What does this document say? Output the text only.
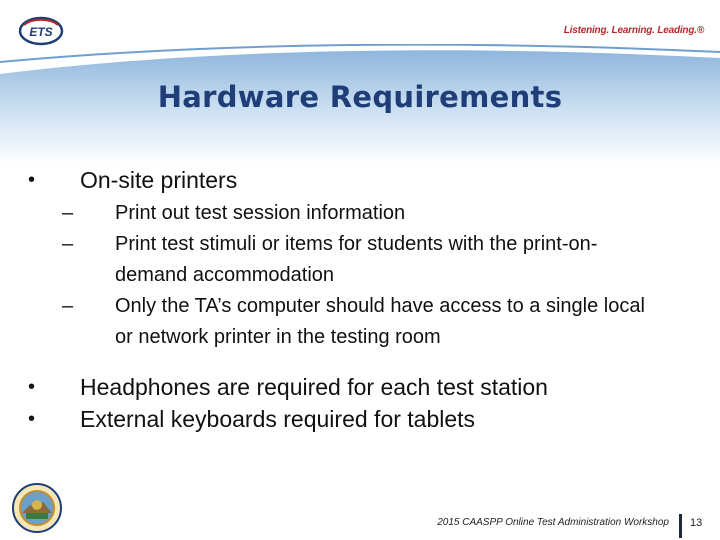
ETS	Listening. Learning. Leading.®
Hardware Requirements
• On-site printers
– Print out test session information
– Print test stimuli or items for students with the print-on-demand accommodation
– Only the TA’s computer should have access to a single local or network printer in the testing room
• Headphones are required for each test station
• External keyboards required for tablets
2015 CAASPP Online Test Administration Workshop 13
